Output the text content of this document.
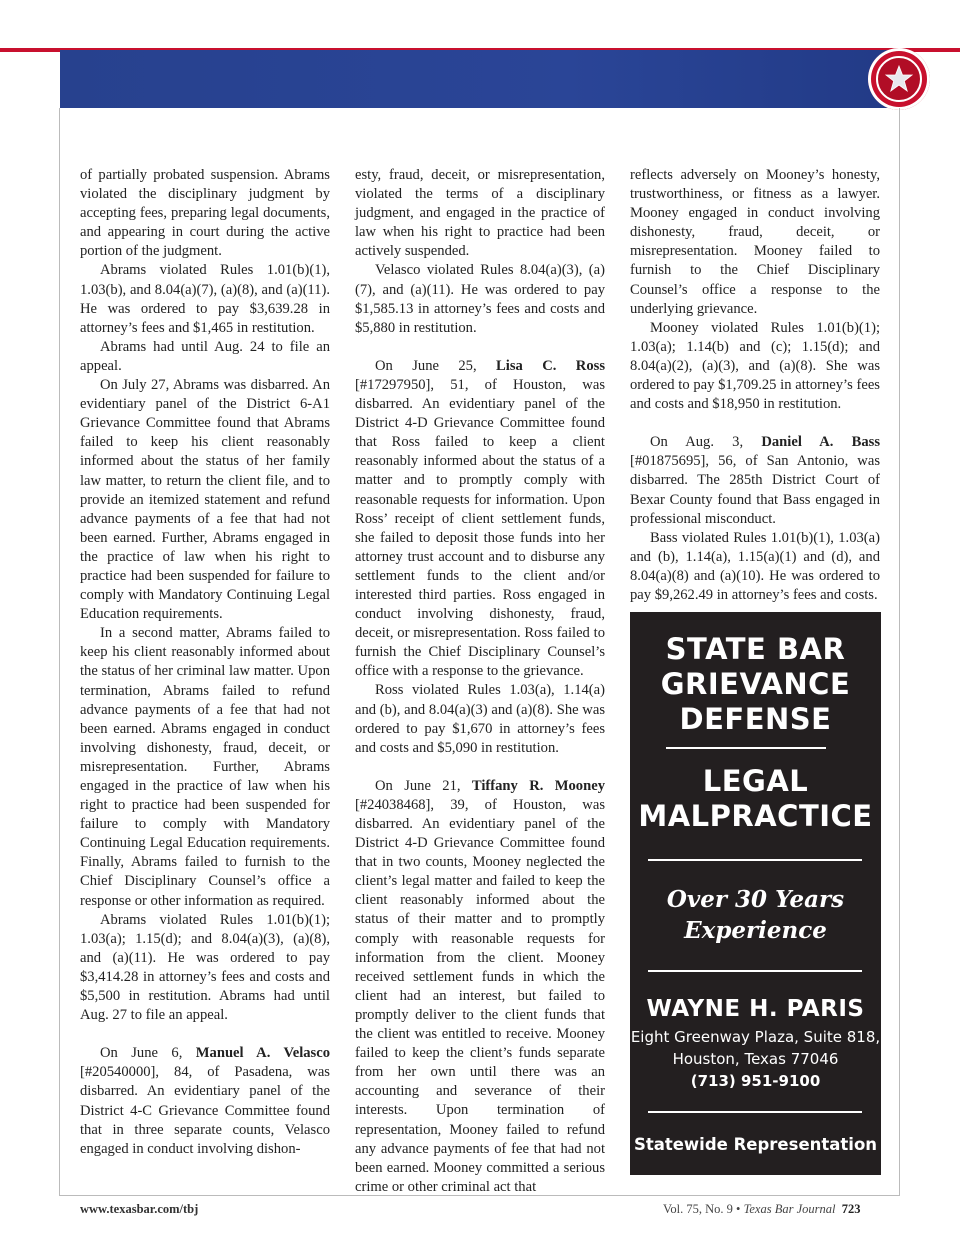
of partially probated suspension. Abrams violated the disciplinary judgment by accepting fees, preparing legal documents, and appearing in court during the active portion of the judgment.

Abrams violated Rules 1.01(b)(1), 1.03(b), and 8.04(a)(7), (a)(8), and (a)(11). He was ordered to pay $3,639.28 in attorney’s fees and $1,465 in restitution.

Abrams had until Aug. 24 to file an appeal.

On July 27, Abrams was disbarred. An evidentiary panel of the District 6-A1 Grievance Committee found that Abrams failed to keep his client reasonably informed about the status of her family law matter, to return the client file, and to provide an itemized statement and refund advance payments of a fee that had not been earned. Further, Abrams engaged in the practice of law when his right to practice had been suspended for failure to comply with Mandatory Continuing Legal Education requirements.

In a second matter, Abrams failed to keep his client reasonably informed about the status of her criminal law matter. Upon termination, Abrams failed to refund advance payments of a fee that had not been earned. Abrams engaged in conduct involving dishonesty, fraud, deceit, or misrepresentation. Further, Abrams engaged in the practice of law when his right to practice had been suspended for failure to comply with Mandatory Continuing Legal Education requirements. Finally, Abrams failed to furnish to the Chief Disciplinary Counsel’s office a response or other information as required.

Abrams violated Rules 1.01(b)(1); 1.03(a); 1.15(d); and 8.04(a)(3), (a)(8), and (a)(11). He was ordered to pay $3,414.28 in attorney’s fees and costs and $5,500 in restitution. Abrams had until Aug. 27 to file an appeal.

On June 6, Manuel A. Velasco [#20540000], 84, of Pasadena, was disbarred. An evidentiary panel of the District 4-C Grievance Committee found that in three separate counts, Velasco engaged in conduct involving dishon-

esty, fraud, deceit, or misrepresentation, violated the terms of a disciplinary judgment, and engaged in the practice of law when his right to practice had been actively suspended.

Velasco violated Rules 8.04(a)(3), (a)(7), and (a)(11). He was ordered to pay $1,585.13 in attorney’s fees and costs and $5,880 in restitution.

On June 25, Lisa C. Ross [#17297950], 51, of Houston, was disbarred. An evidentiary panel of the District 4-D Grievance Committee found that Ross failed to keep a client reasonably informed about the status of a matter and to promptly comply with reasonable requests for information. Upon Ross’ receipt of client settlement funds, she failed to deposit those funds into her attorney trust account and to disburse any settlement funds to the client and/or interested third parties. Ross engaged in conduct involving dishonesty, fraud, deceit, or misrepresentation. Ross failed to furnish the Chief Disciplinary Counsel’s office with a response to the grievance.

Ross violated Rules 1.03(a), 1.14(a) and (b), and 8.04(a)(3) and (a)(8). She was ordered to pay $1,670 in attorney’s fees and costs and $5,090 in restitution.

On June 21, Tiffany R. Mooney [#24038468], 39, of Houston, was disbarred. An evidentiary panel of the District 4-D Grievance Committee found that in two counts, Mooney neglected the client’s legal matter and failed to keep the client reasonably informed about the status of their matter and to promptly comply with reasonable requests for information from the client. Mooney received settlement funds in which the client had an interest, but failed to promptly deliver to the client funds that the client was entitled to receive. Mooney failed to keep the client’s funds separate from her own until there was an accounting and severance of their interests. Upon termination of representation, Mooney failed to refund any advance payments of fee that had not been earned. Mooney committed a serious crime or other criminal act that

reflects adversely on Mooney’s honesty, trustworthiness, or fitness as a lawyer. Mooney engaged in conduct involving dishonesty, fraud, deceit, or misrepresentation. Mooney failed to furnish to the Chief Disciplinary Counsel’s office a response to the underlying grievance.

Mooney violated Rules 1.01(b)(1); 1.03(a); 1.14(b) and (c); 1.15(d); and 8.04(a)(2), (a)(3), and (a)(8). She was ordered to pay $1,709.25 in attorney’s fees and costs and $18,950 in restitution.

On Aug. 3, Daniel A. Bass [#01875695], 56, of San Antonio, was disbarred. The 285th District Court of Bexar County found that Bass engaged in professional misconduct.

Bass violated Rules 1.01(b)(1), 1.03(a) and (b), 1.14(a), 1.15(a)(1) and (d), and 8.04(a)(8) and (a)(10). He was ordered to pay $9,262.49 in attorney’s fees and costs.

STATE BAR

GRIEVANCE

DEFENSE

LEGAL

MALPRACTICE

Over 30 Years
Experience
WAYNE H. PARIS
Eight Greenway Plaza, Suite 818,
Houston, Texas 77046
(713) 951-9100
Statewide Representation
www.texasbar.com/tbj	Vol. 75, No. 9 • Texas Bar Journal 723
